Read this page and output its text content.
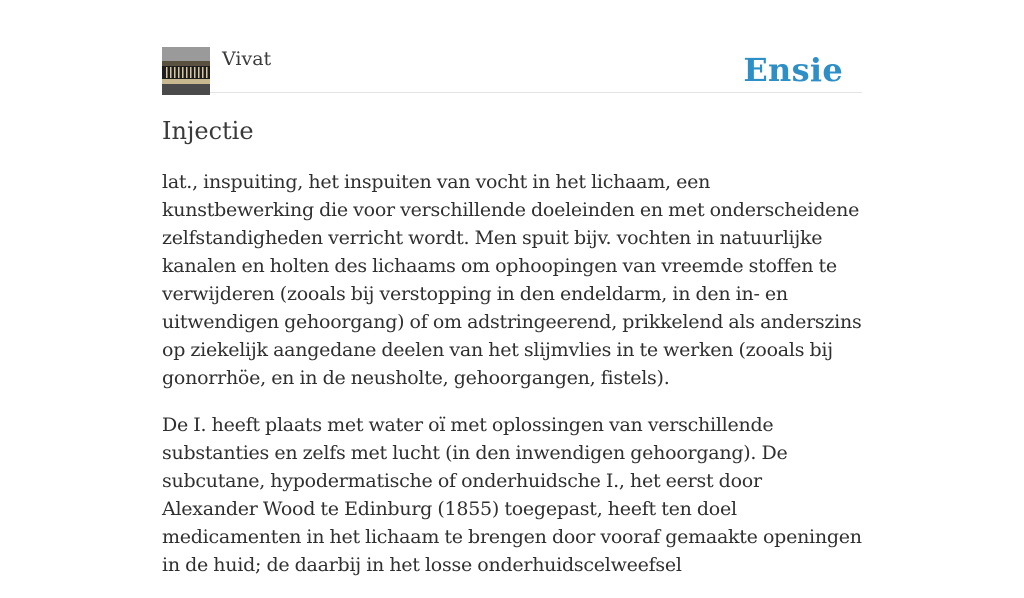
Vivat	Ensie
Injectie

lat., inspuiting, het inspuiten van vocht in het lichaam, een kunstbewerking die voor verschillende doeleinden en met onderscheidene zelfstandigheden verricht wordt. Men spuit bijv. vochten in natuurlijke kanalen en holten des lichaams om ophoopingen van vreemde stoffen te verwijderen (zooals bij verstopping in den endeldarm, in den in- en uitwendigen gehoorgang) of om adstringeerend, prikkelend als anderszins op ziekelijk aangedane deelen van het slijmvlies in te werken (zooals bij gonorrhöe, en in de neusholte, gehoorgangen, fistels).

De I. heeft plaats met water oï met oplossingen van verschillende substanties en zelfs met lucht (in den inwendigen gehoorgang). De subcutane, hypodermatische of onderhuidsche I., het eerst door Alexander Wood te Edinburg (1855) toegepast, heeft ten doel medicamenten in het lichaam te brengen door vooraf gemaakte openingen in de huid; de daarbij in het losse onderhuidscelweefsel
